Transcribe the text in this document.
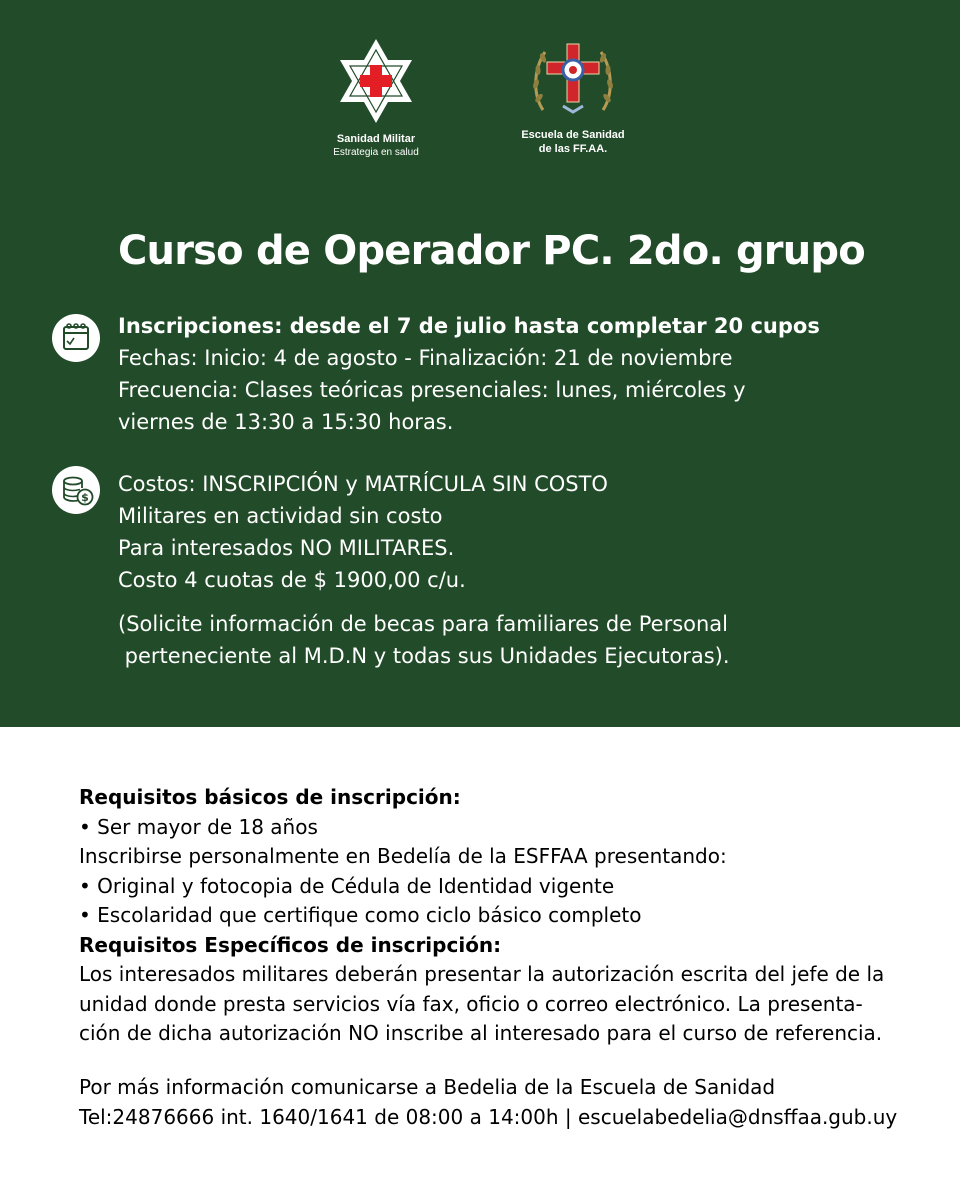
Sanidad Militar
Estrategia en salud
Escuela de Sanidad
de las FF.AA.
Curso de Operador PC. 2do. grupo
Inscripciones: desde el 7 de julio hasta completar 20 cupos
Fechas: Inicio: 4 de agosto - Finalización: 21 de noviembre
Frecuencia: Clases teóricas presenciales: lunes, miércoles y
viernes de 13:30 a 15:30 horas.
$
Costos: INSCRIPCIÓN y MATRÍCULA SIN COSTO
Militares en actividad sin costo
Para interesados NO MILITARES.
Costo 4 cuotas de $ 1900,00 c/u.
(Solicite información de becas para familiares de Personal
perteneciente al M.D.N y todas sus Unidades Ejecutoras).
Requisitos básicos de inscripción:
• Ser mayor de 18 años
Inscribirse personalmente en Bedelía de la ESFFAA presentando:
• Original y fotocopia de Cédula de Identidad vigente
• Escolaridad que certifique como ciclo básico completo
Requisitos Específicos de inscripción:
Los interesados militares deberán presentar la autorización escrita del jefe de la
unidad donde presta servicios vía fax, oficio o correo electrónico. La presenta-
ción de dicha autorización NO inscribe al interesado para el curso de referencia.
Por más información comunicarse a Bedelia de la Escuela de Sanidad
Tel:24876666 int. 1640/1641 de 08:00 a 14:00h | escuelabedelia@dnsffaa.gub.uy
